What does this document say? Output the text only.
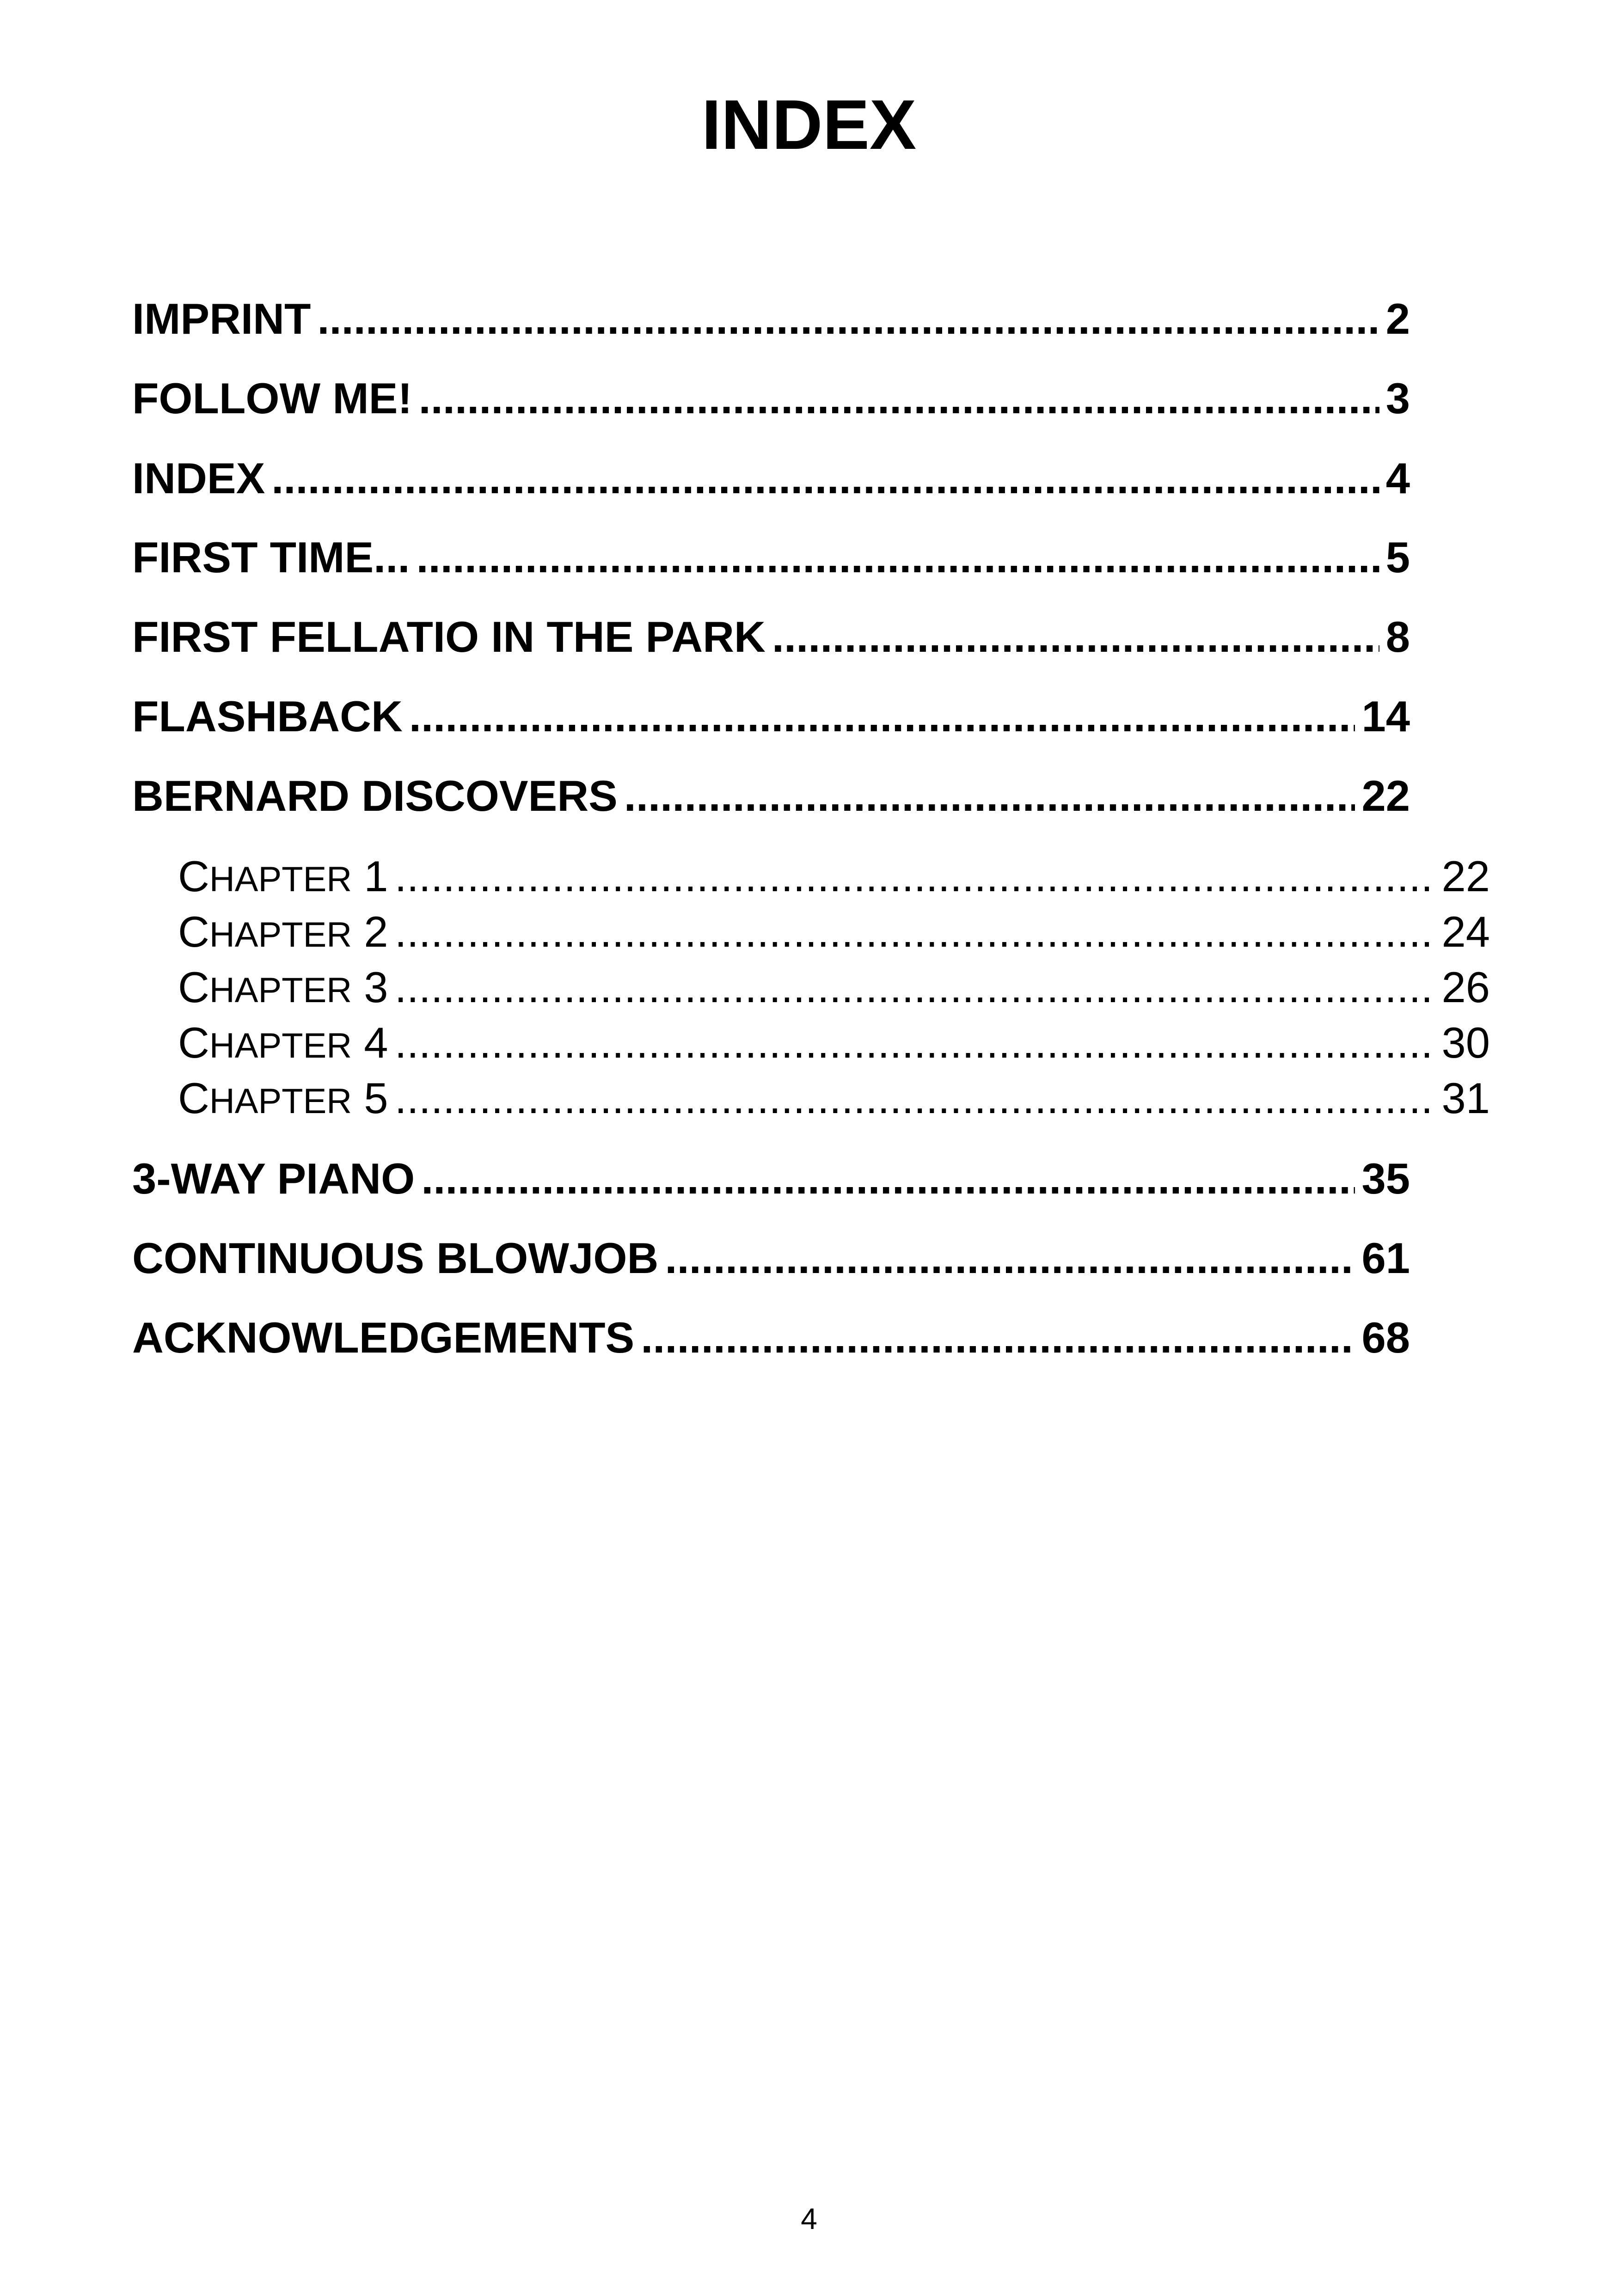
INDEX
IMPRINT .....	2
FOLLOW ME! .....	3
INDEX .....	4
FIRST TIME... .....	5
FIRST FELLATIO IN THE PARK .....	8
FLASHBACK .....	14
BERNARD DISCOVERS .....	22
CHAPTER 1 .....	22
CHAPTER 2 .....	24
CHAPTER 3 .....	26
CHAPTER 4 .....	30
CHAPTER 5 .....	31
3-WAY PIANO .....	35
CONTINUOUS BLOWJOB .....	61
ACKNOWLEDGEMENTS .....	68
4
